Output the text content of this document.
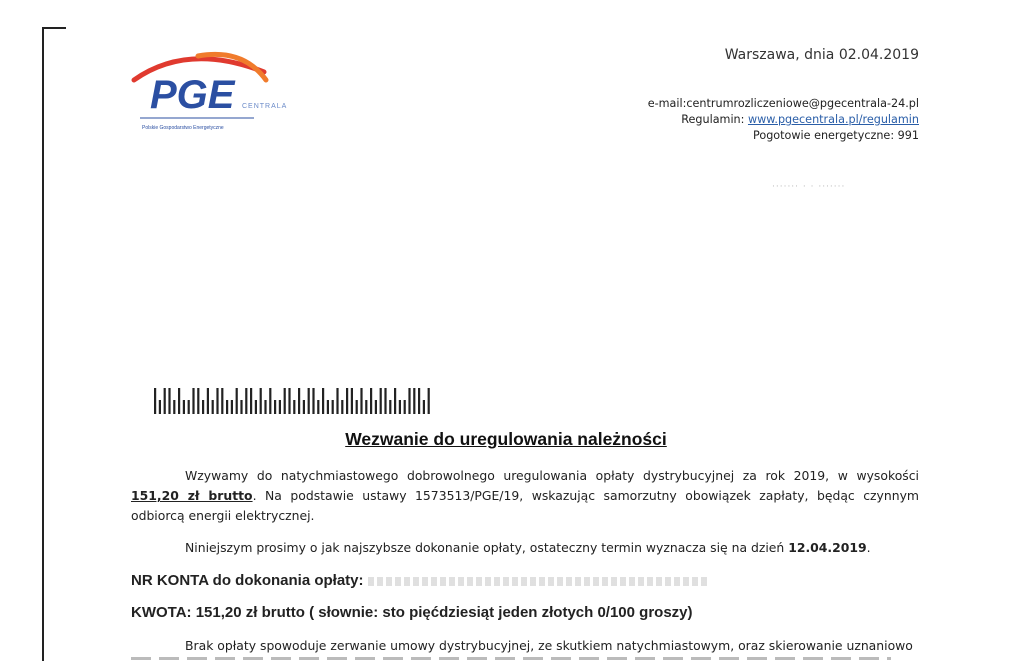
PGE CENTRALA
Polskie Gospodarstwo Energetyczne
Warszawa, dnia 02.04.2019
e-mail:centrumrozliczeniowe@pgecentrala-24.pl
Regulamin: www.pgecentrala.pl/regulamin
Pogotowie energetyczne: 991
······· · · ·······
Wezwanie do uregulowania należności
Wzywamy do natychmiastowego dobrowolnego uregulowania opłaty dystrybucyjnej za rok 2019, w wysokości 151,20 zł brutto. Na podstawie ustawy 1573513/PGE/19, wskazując samorzutny obowiązek zapłaty, będąc czynnym odbiorcą energii elektrycznej.
Niniejszym prosimy o jak najszybsze dokonanie opłaty, ostateczny termin wyznacza się na dzień 12.04.2019.
NR KONTA do dokonania opłaty:
KWOTA: 151,20 zł brutto ( słownie: sto pięćdziesiąt jeden złotych 0/100 groszy)
Brak opłaty spowoduje zerwanie umowy dystrybucyjnej, ze skutkiem natychmiastowym, oraz skierowanie uznaniowo
